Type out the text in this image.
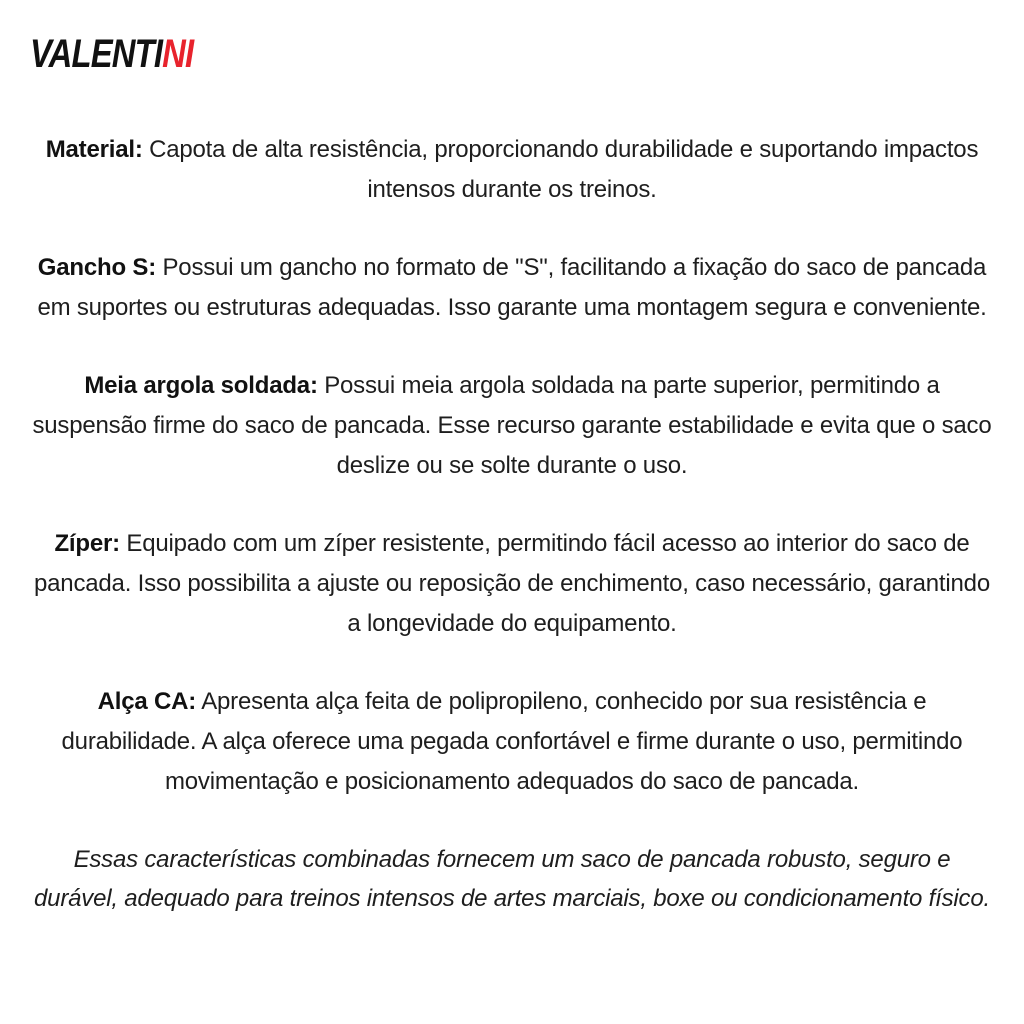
VALENTINI

Material: Capota de alta resistência, proporcionando durabilidade e suportando impactos intensos durante os treinos.

Gancho S: Possui um gancho no formato de "S", facilitando a fixação do saco de pancada em suportes ou estruturas adequadas. Isso garante uma montagem segura e conveniente.

Meia argola soldada: Possui meia argola soldada na parte superior, permitindo a suspensão firme do saco de pancada. Esse recurso garante estabilidade e evita que o saco deslize ou se solte durante o uso.

Zíper: Equipado com um zíper resistente, permitindo fácil acesso ao interior do saco de pancada. Isso possibilita a ajuste ou reposição de enchimento, caso necessário, garantindo a longevidade do equipamento.

Alça CA: Apresenta alça feita de polipropileno, conhecido por sua resistência e durabilidade. A alça oferece uma pegada confortável e firme durante o uso, permitindo movimentação e posicionamento adequados do saco de pancada.

Essas características combinadas fornecem um saco de pancada robusto, seguro e durável, adequado para treinos intensos de artes marciais, boxe ou condicionamento físico.
